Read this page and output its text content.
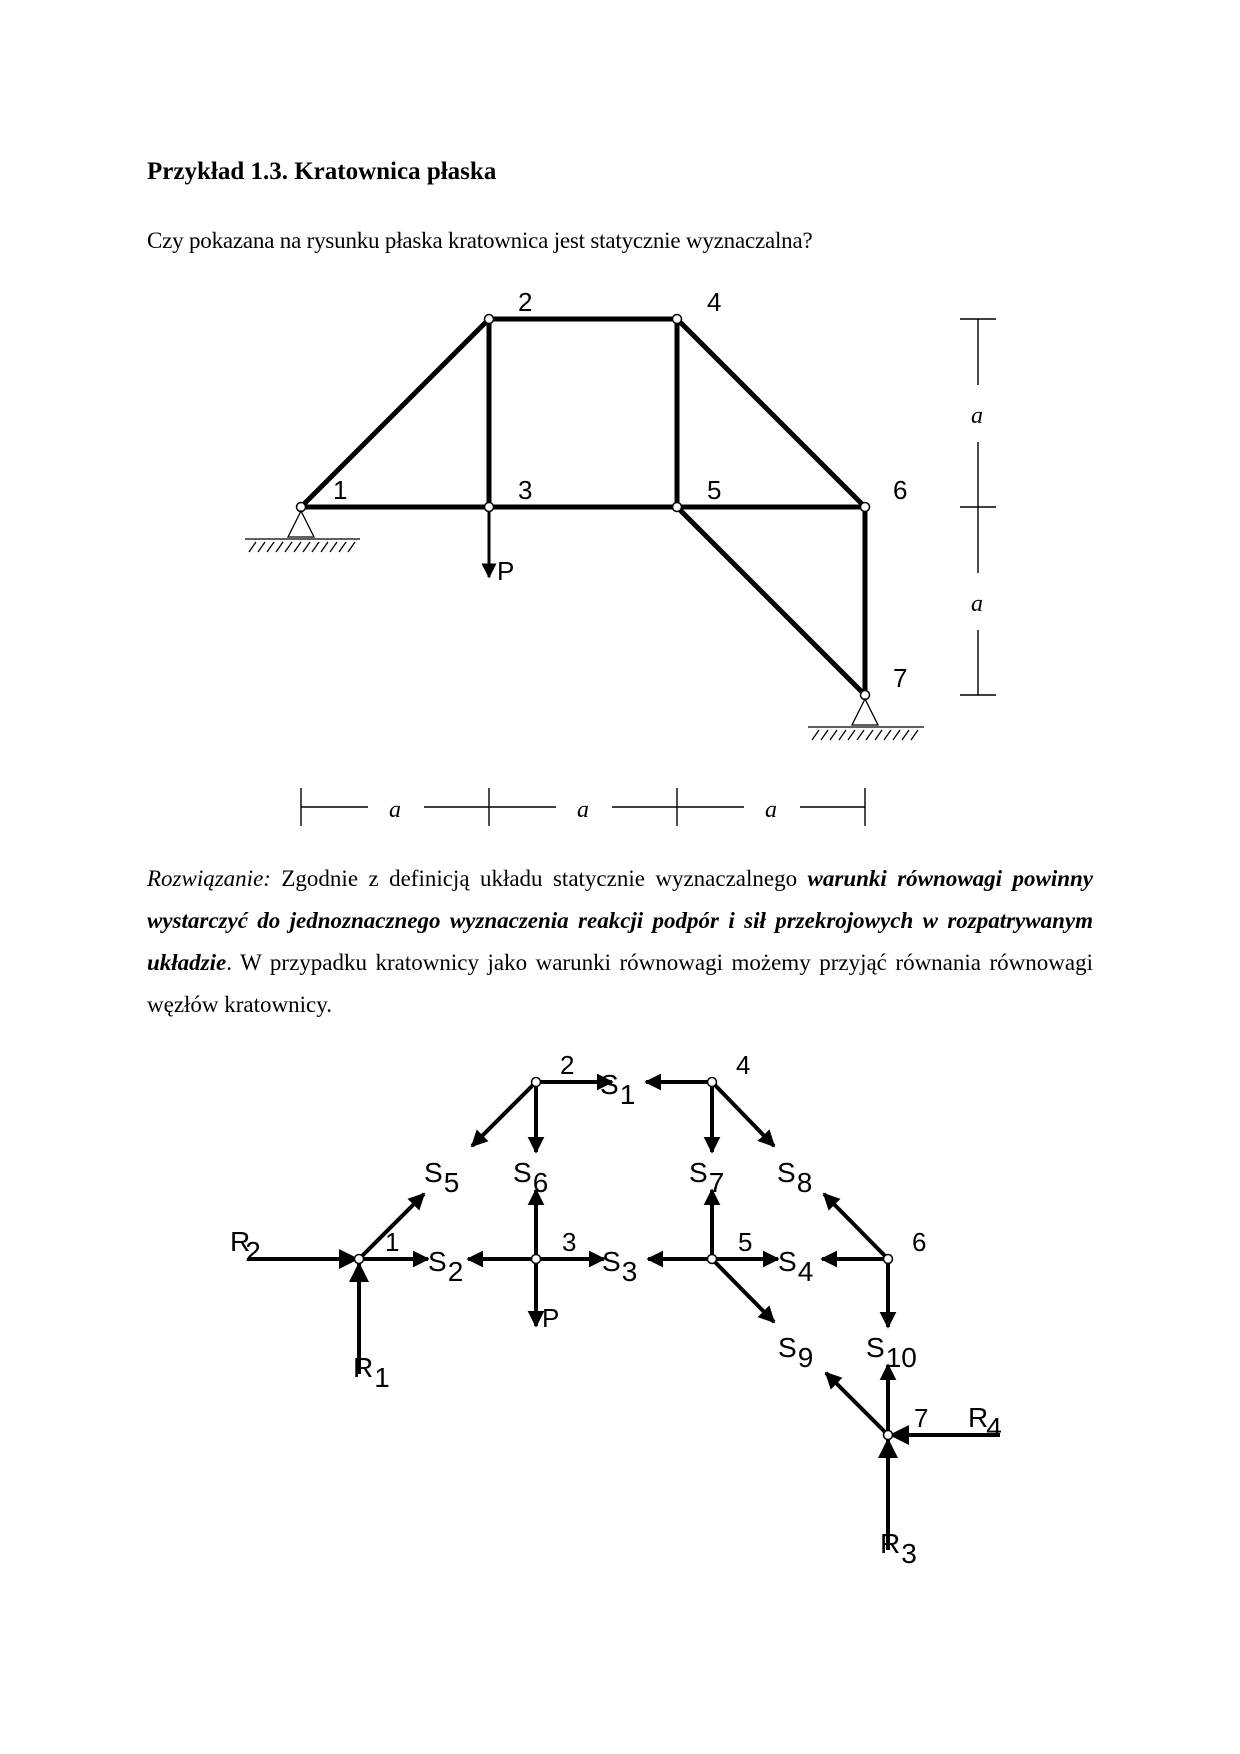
Przykład 1.3. Kratownica płaska

Czy pokazana na rysunku płaska kratownica jest statycznie wyznaczalna?

P
1
2
3
4
5	6
7
a
a
a	a	a
1
2
3
4
5	6
7
S1
S5 S6	S7 S8
S2	S3	S4
S9 S10
R2
R1
R4
R3
P

Rozwiązanie: Zgodnie z definicją układu statycznie wyznaczalnego warunki równowagi powinny wystarczyć do jednoznacznego wyznaczenia reakcji podpór i sił przekrojowych w rozpatrywanym układzie. W przypadku kratownicy jako warunki równowagi możemy przyjąć równania równowagi węzłów kratownicy.
